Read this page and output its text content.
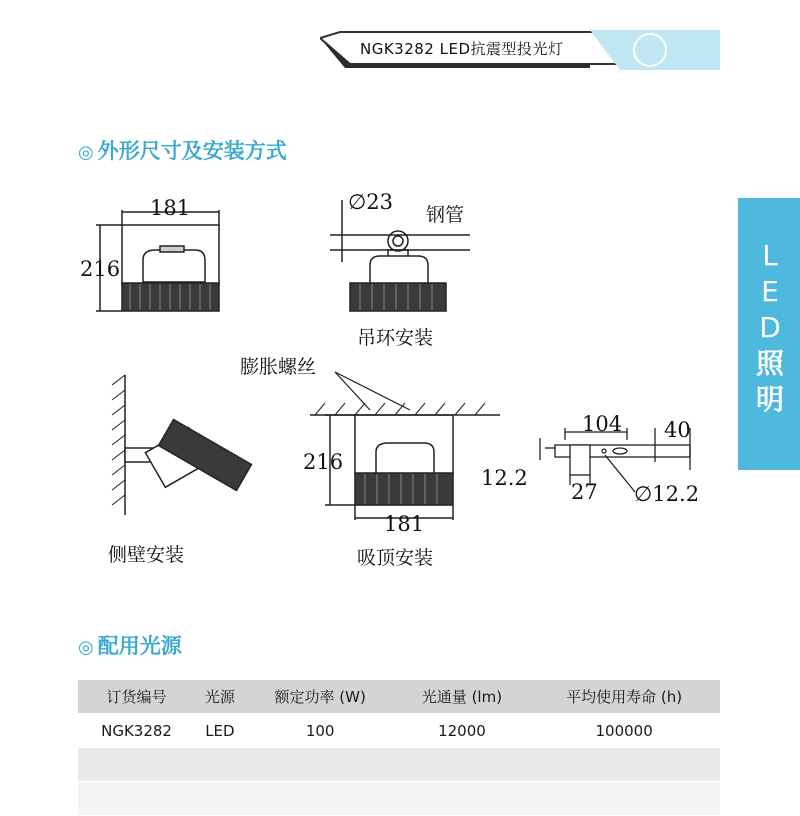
NGK3282 LED抗震型投光灯
◎ 外形尺寸及安装方式
L
E
D
照
明
181
216
∅23
钢管
吊环安装
膨胀螺丝
侧壁安装
216
181
吸顶安装
104 40
12.2
27 ∅12.2
◎ 配用光源
订货编号	光源	额定功率 (W)	光通量 (lm)	平均使用寿命 (h)
NGK3282	LED	100	12000	100000
